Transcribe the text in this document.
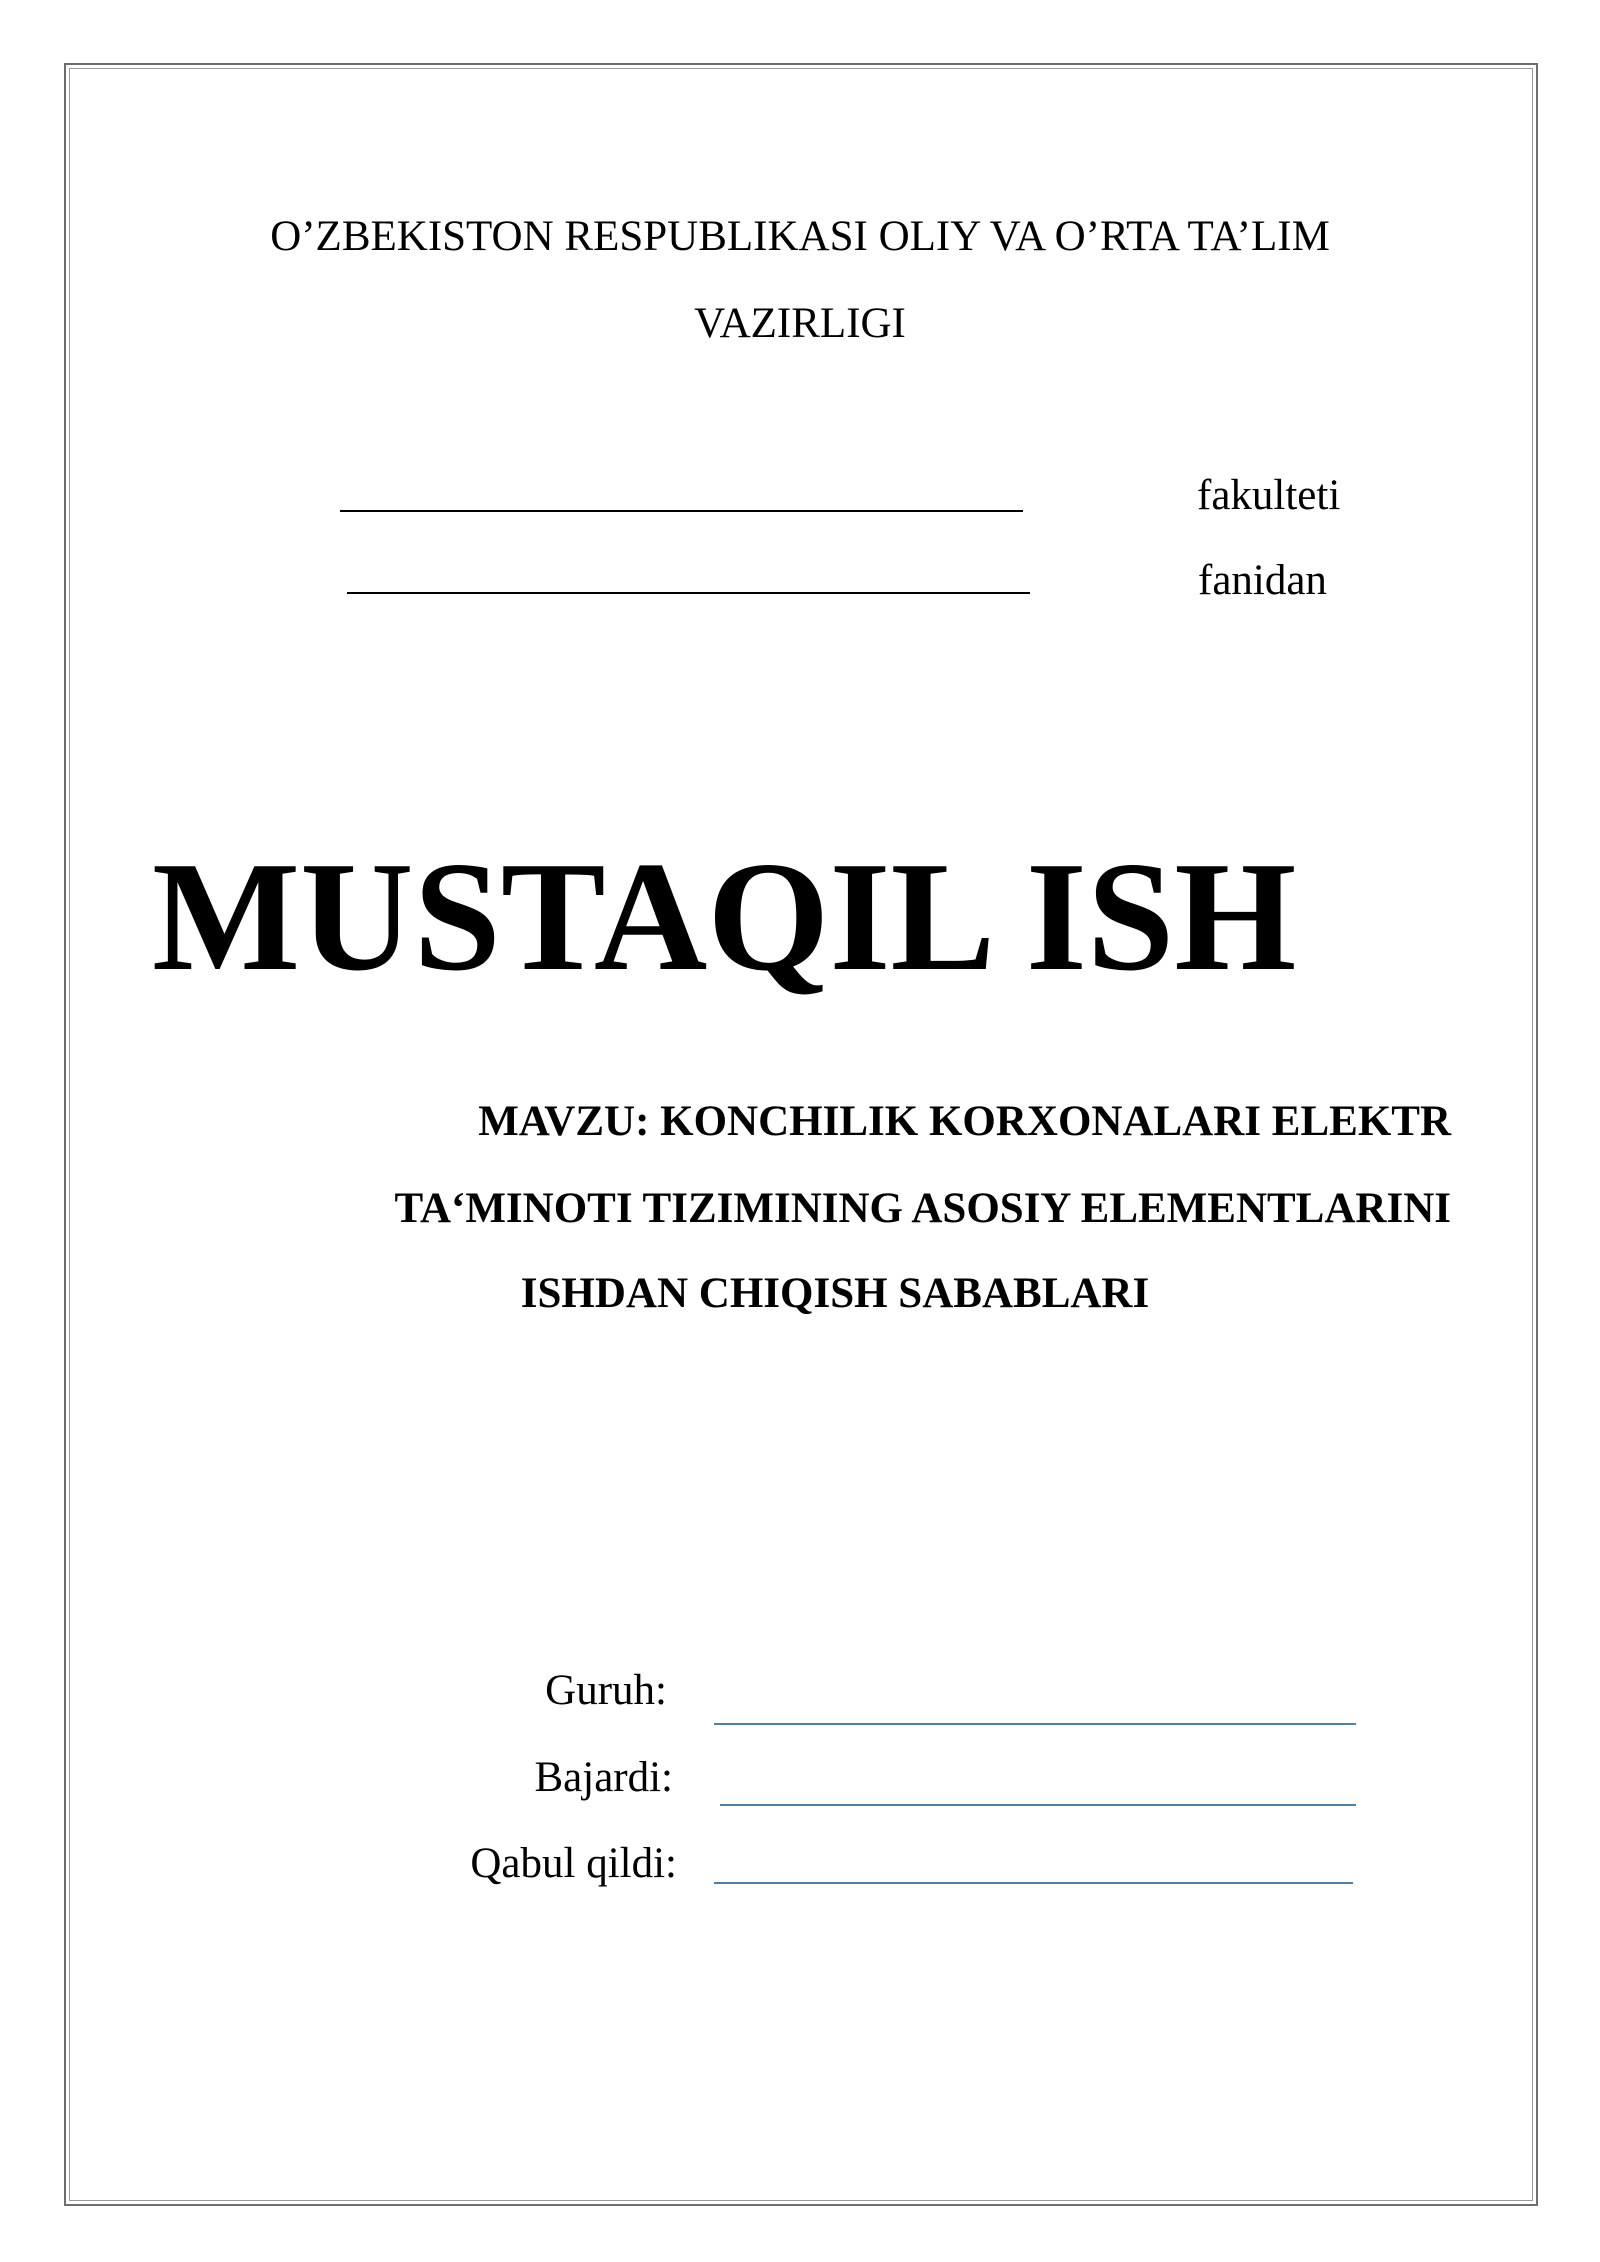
O’ZBEKISTON RESPUBLIKASI OLIY VA O’RTA TA’LIM
VAZIRLIGI
fakulteti
fanidan
MUSTAQIL ISH
MAVZU: KONCHILIK KORXONALARI ELEKTR
TA‘MINOTI TIZIMINING ASOSIY ELEMENTLARINI
ISHDAN CHIQISH SABABLARI
Guruh:
Bajardi:
Qabul qildi:
